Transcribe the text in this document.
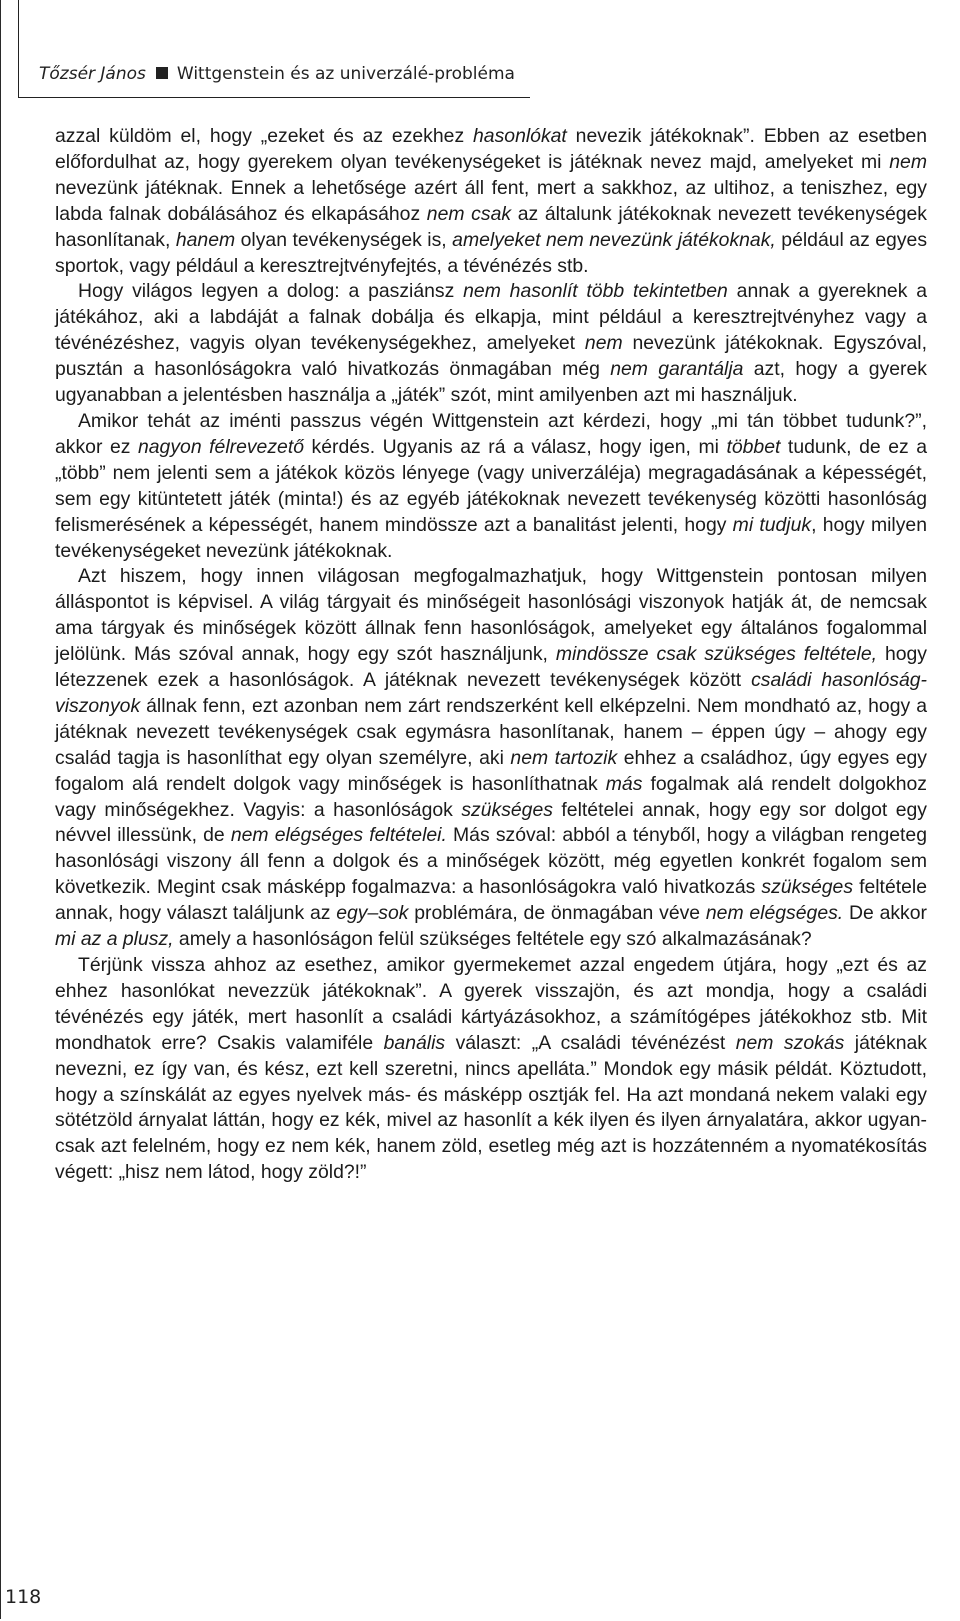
Tőzsér János Wittgenstein és az univerzálé-probléma

azzal küldöm el, hogy „ezeket és az ezekhez hasonlókat nevezik játékoknak”. Ebben az esetben előfordulhat az, hogy gyerekem olyan tevékenységeket is játéknak nevez majd, amelyeket mi nem nevezünk játéknak. Ennek a lehetősége azért áll fent, mert a sakkhoz, az ultihoz, a teniszhez, egy labda falnak dobálásához és elkapásához nem csak az általunk játékoknak nevezett tevékenységek hasonlítanak, hanem olyan tevékenységek is, amelyeket nem nevezünk játékoknak, például az egyes sportok, vagy például a keresztrejtvényfejtés, a tévénézés stb.

Hogy világos legyen a dolog: a pasziánsz nem hasonlít több tekintetben annak a gyereknek a játékához, aki a labdáját a falnak dobálja és elkapja, mint például a keresztrejtvényhez vagy a tévénézéshez, vagyis olyan tevékenységekhez, amelyeket nem nevezünk játékoknak. Egyszóval, pusztán a hasonlóságokra való hivatkozás önmagában még nem garantálja azt, hogy a gyerek ugyanabban a jelentésben használja a „játék” szót, mint amilyenben azt mi használjuk.

Amikor tehát az iménti passzus végén Wittgenstein azt kérdezi, hogy „mi tán többet tudunk?”, akkor ez nagyon félrevezető kérdés. Ugyanis az rá a válasz, hogy igen, mi többet tudunk, de ez a „több” nem jelenti sem a játékok közös lényege (vagy univerzáléja) megragadásának a képességét, sem egy kitüntetett játék (minta!) és az egyéb játékoknak nevezett tevékenység közötti hasonlóság felismerésének a képességét, hanem mindössze azt a banalitást jelenti, hogy mi tudjuk, hogy milyen tevékenységeket nevezünk játékoknak.

Azt hiszem, hogy innen világosan megfogalmazhatjuk, hogy Wittgenstein pontosan milyen álláspontot is képvisel. A világ tárgyait és minőségeit hasonlósági viszonyok hatják át, de nemcsak ama tárgyak és minőségek között állnak fenn hasonlóságok, amelyeket egy általános fogalommal jelölünk. Más szóval annak, hogy egy szót használjunk, mindössze csak szükséges feltétele, hogy létezzenek ezek a hasonlóságok. A játéknak nevezett tevékenységek között családi hasonlóság-viszonyok állnak fenn, ezt azonban nem zárt rendszerként kell elképzelni. Nem mondható az, hogy a játéknak nevezett tevékenységek csak egymásra hasonlítanak, hanem – éppen úgy – ahogy egy család tagja is hasonlíthat egy olyan személyre, aki nem tartozik ehhez a családhoz, úgy egyes egy fogalom alá rendelt dolgok vagy minőségek is hasonlíthatnak más fogalmak alá rendelt dolgokhoz vagy minőségekhez. Vagyis: a hasonlóságok szükséges feltételei annak, hogy egy sor dolgot egy névvel illessünk, de nem elégséges feltételei. Más szóval: abból a tényből, hogy a világban rengeteg hasonlósági viszony áll fenn a dolgok és a minőségek között, még egyetlen konkrét fogalom sem következik. Megint csak másképp fogalmazva: a hasonlóságokra való hivatkozás szükséges feltétele annak, hogy választ találjunk az egy–sok problémára, de önmagában véve nem elégséges. De akkor mi az a plusz, amely a hasonlóságon felül szükséges feltétele egy szó alkalmazásának?

Térjünk vissza ahhoz az esethez, amikor gyermekemet azzal engedem útjára, hogy „ezt és az ehhez hasonlókat nevezzük játékoknak”. A gyerek visszajön, és azt mondja, hogy a családi tévénézés egy játék, mert hasonlít a családi kártyázásokhoz, a számítógépes játékokhoz stb. Mit mondhatok erre? Csakis valamiféle banális választ: „A családi tévénézést nem szokás játéknak nevezni, ez így van, és kész, ezt kell szeretni, nincs apelláta.” Mondok egy másik példát. Köztudott, hogy a színskálát az egyes nyelvek más- és másképp osztják fel. Ha azt mondaná nekem valaki egy sötétzöld árnyalat láttán, hogy ez kék, mivel az hasonlít a kék ilyen és ilyen árnyalatára, akkor ugyancsak azt felelném, hogy ez nem kék, hanem zöld, esetleg még azt is hozzátenném a nyomatékosítás végett: „hisz nem látod, hogy zöld?!”

118
